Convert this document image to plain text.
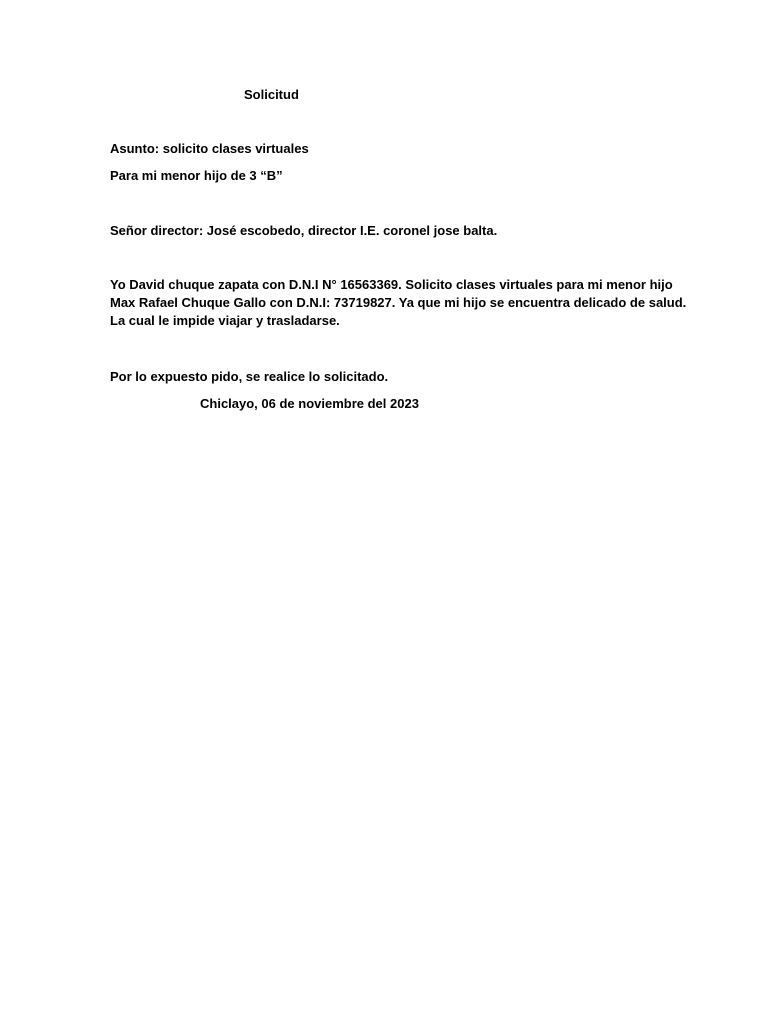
Solicitud
Asunto: solicito clases virtuales
Para mi menor hijo de 3 “B”
Señor director: José escobedo, director I.E. coronel jose balta.
Yo David chuque zapata con D.N.I N° 16563369. Solicito clases virtuales para mi menor hijo
Max Rafael Chuque Gallo con D.N.I: 73719827. Ya que mi hijo se encuentra delicado de salud.
La cual le impide viajar y trasladarse.
Por lo expuesto pido, se realice lo solicitado.
Chiclayo, 06 de noviembre del 2023
